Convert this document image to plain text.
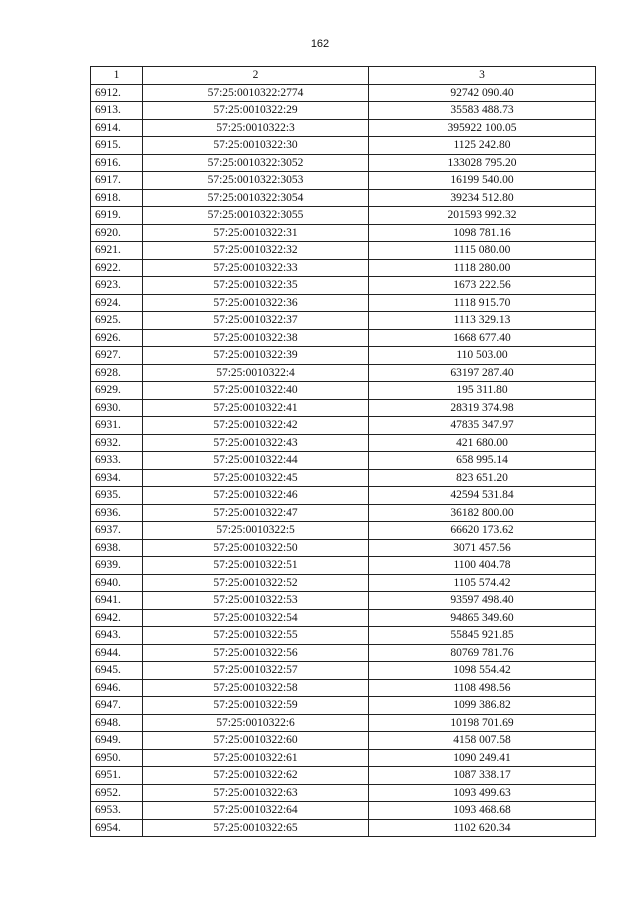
162
1	2	3
6912.	57:25:0010322:2774	92742 090.40
6913.	57:25:0010322:29	35583 488.73
6914.	57:25:0010322:3	395922 100.05
6915.	57:25:0010322:30	1125 242.80
6916.	57:25:0010322:3052	133028 795.20
6917.	57:25:0010322:3053	16199 540.00
6918.	57:25:0010322:3054	39234 512.80
6919.	57:25:0010322:3055	201593 992.32
6920.	57:25:0010322:31	1098 781.16
6921.	57:25:0010322:32	1115 080.00
6922.	57:25:0010322:33	1118 280.00
6923.	57:25:0010322:35	1673 222.56
6924.	57:25:0010322:36	1118 915.70
6925.	57:25:0010322:37	1113 329.13
6926.	57:25:0010322:38	1668 677.40
6927.	57:25:0010322:39	110 503.00
6928.	57:25:0010322:4	63197 287.40
6929.	57:25:0010322:40	195 311.80
6930.	57:25:0010322:41	28319 374.98
6931.	57:25:0010322:42	47835 347.97
6932.	57:25:0010322:43	421 680.00
6933.	57:25:0010322:44	658 995.14
6934.	57:25:0010322:45	823 651.20
6935.	57:25:0010322:46	42594 531.84
6936.	57:25:0010322:47	36182 800.00
6937.	57:25:0010322:5	66620 173.62
6938.	57:25:0010322:50	3071 457.56
6939.	57:25:0010322:51	1100 404.78
6940.	57:25:0010322:52	1105 574.42
6941.	57:25:0010322:53	93597 498.40
6942.	57:25:0010322:54	94865 349.60
6943.	57:25:0010322:55	55845 921.85
6944.	57:25:0010322:56	80769 781.76
6945.	57:25:0010322:57	1098 554.42
6946.	57:25:0010322:58	1108 498.56
6947.	57:25:0010322:59	1099 386.82
6948.	57:25:0010322:6	10198 701.69
6949.	57:25:0010322:60	4158 007.58
6950.	57:25:0010322:61	1090 249.41
6951.	57:25:0010322:62	1087 338.17
6952.	57:25:0010322:63	1093 499.63
6953.	57:25:0010322:64	1093 468.68
6954.	57:25:0010322:65	1102 620.34
